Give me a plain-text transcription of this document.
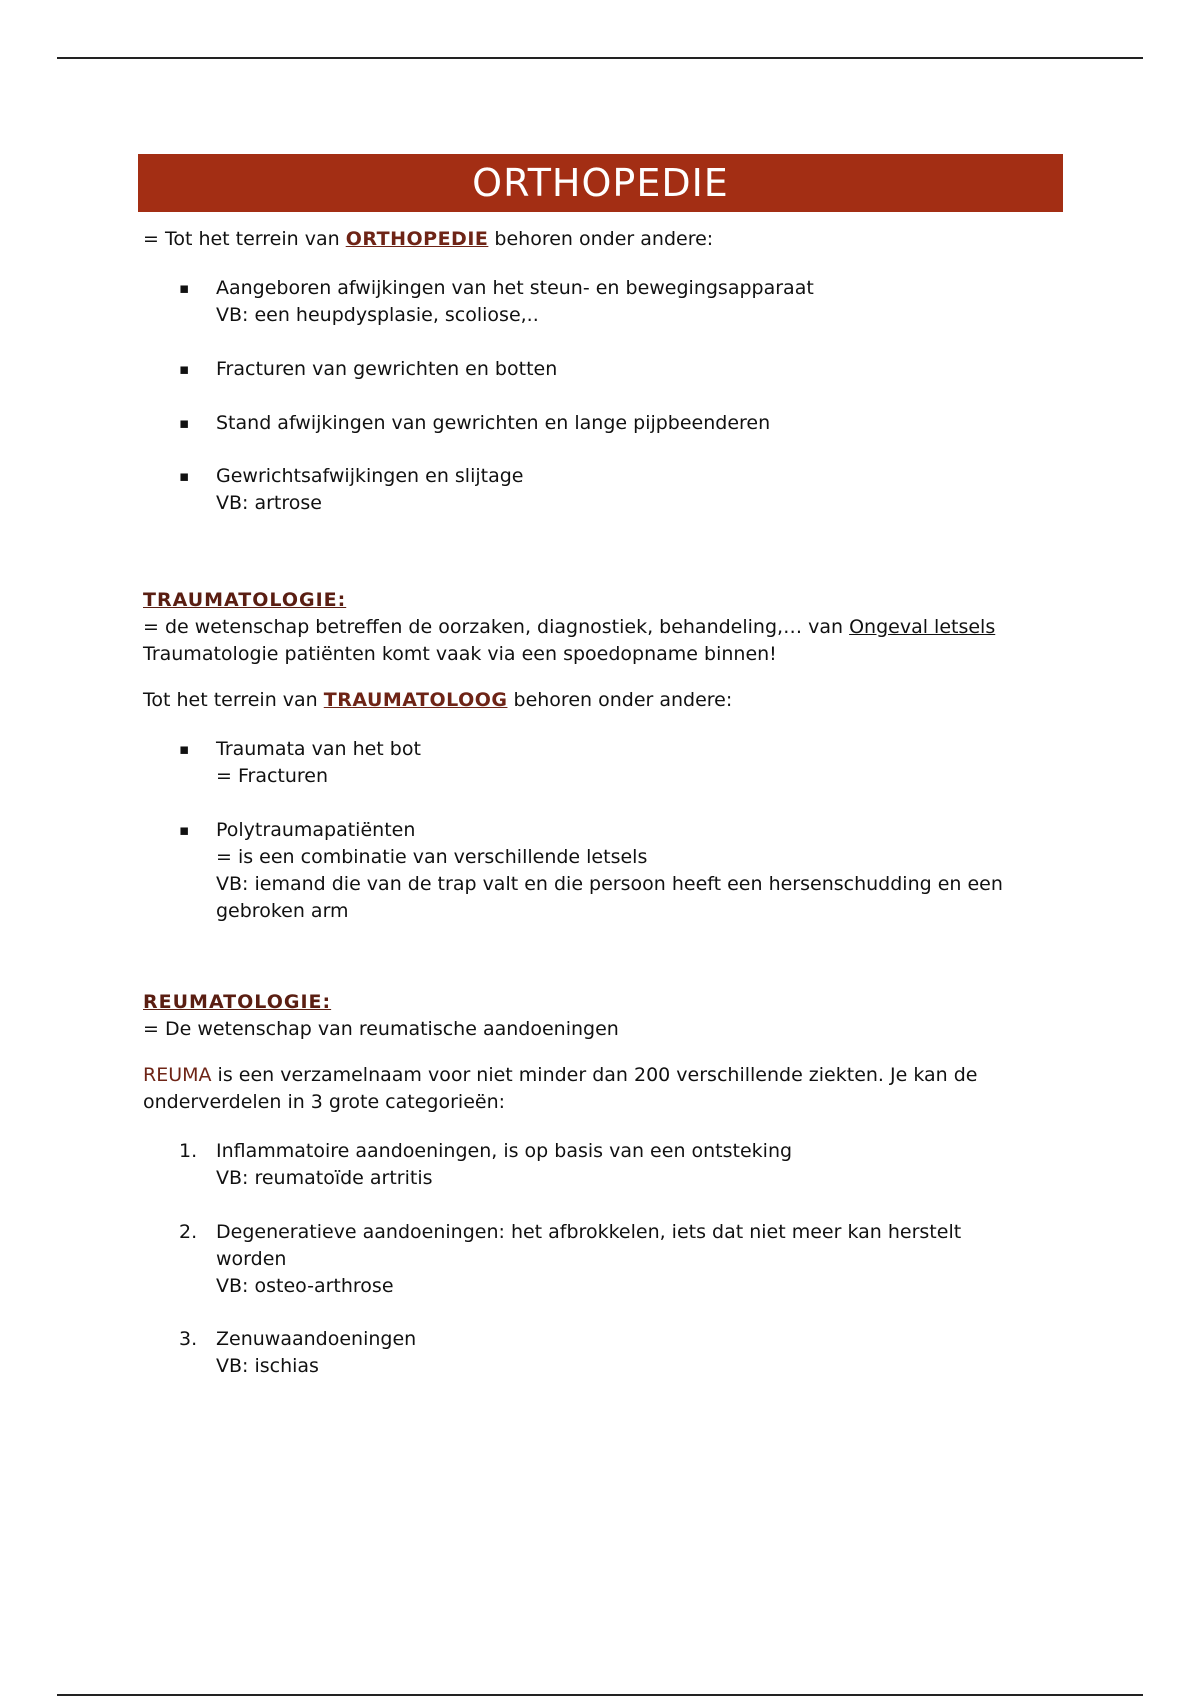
ORTHOPEDIE

= Tot het terrein van ORTHOPEDIE behoren onder andere:

▪ Aangeboren afwijkingen van het steun- en bewegingsapparaat
VB: een heupdysplasie, scoliose,..
▪ Fracturen van gewrichten en botten
▪ Stand afwijkingen van gewrichten en lange pijpbeenderen
▪ Gewrichtsafwijkingen en slijtage
VB: artrose

TRAUMATOLOGIE:

= de wetenschap betreffen de oorzaken, diagnostiek, behandeling,… van Ongeval letsels

Traumatologie patiënten komt vaak via een spoedopname binnen!

Tot het terrein van TRAUMATOLOOG behoren onder andere:

▪ Traumata van het bot
= Fracturen
▪ Polytraumapatiënten
= is een combinatie van verschillende letsels
VB: iemand die van de trap valt en die persoon heeft een hersenschudding en een
gebroken arm

REUMATOLOGIE:

= De wetenschap van reumatische aandoeningen

REUMA is een verzamelnaam voor niet minder dan 200 verschillende ziekten. Je kan de

onderverdelen in 3 grote categorieën:

1. Inflammatoire aandoeningen, is op basis van een ontsteking
VB: reumatoïde artritis
2. Degeneratieve aandoeningen: het afbrokkelen, iets dat niet meer kan herstelt
worden
VB: osteo-arthrose
3. Zenuwaandoeningen
VB: ischias
